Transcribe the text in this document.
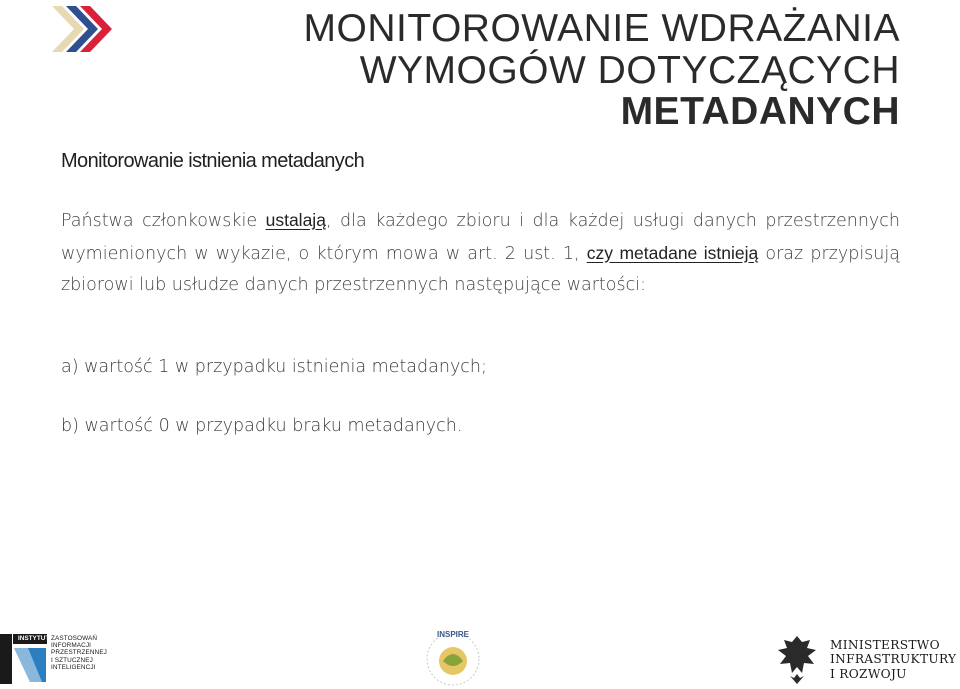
MONITOROWANIE WDRAŻANIA
WYMOGÓW DOTYCZĄCYCH
METADANYCH
Monitorowanie istnienia metadanych
Państwa członkowskie ustalają, dla każdego zbioru i dla każdej usługi danych przestrzennych wymienionych w wykazie, o którym mowa w art. 2 ust. 1, czy metadane istnieją oraz przypisują zbiorowi lub usłudze danych przestrzennych następujące wartości:
a) wartość 1 w przypadku istnienia metadanych;
b) wartość 0 w przypadku braku metadanych.
INSTYTUT ZASTOSOWAŃ
INFORMACJI
PRZESTRZENNEJ
I SZTUCZNEJ
INTELIGENCJI
INSPIRE
MINISTERSTWO
INFRASTRUKTURY
I ROZWOJU
